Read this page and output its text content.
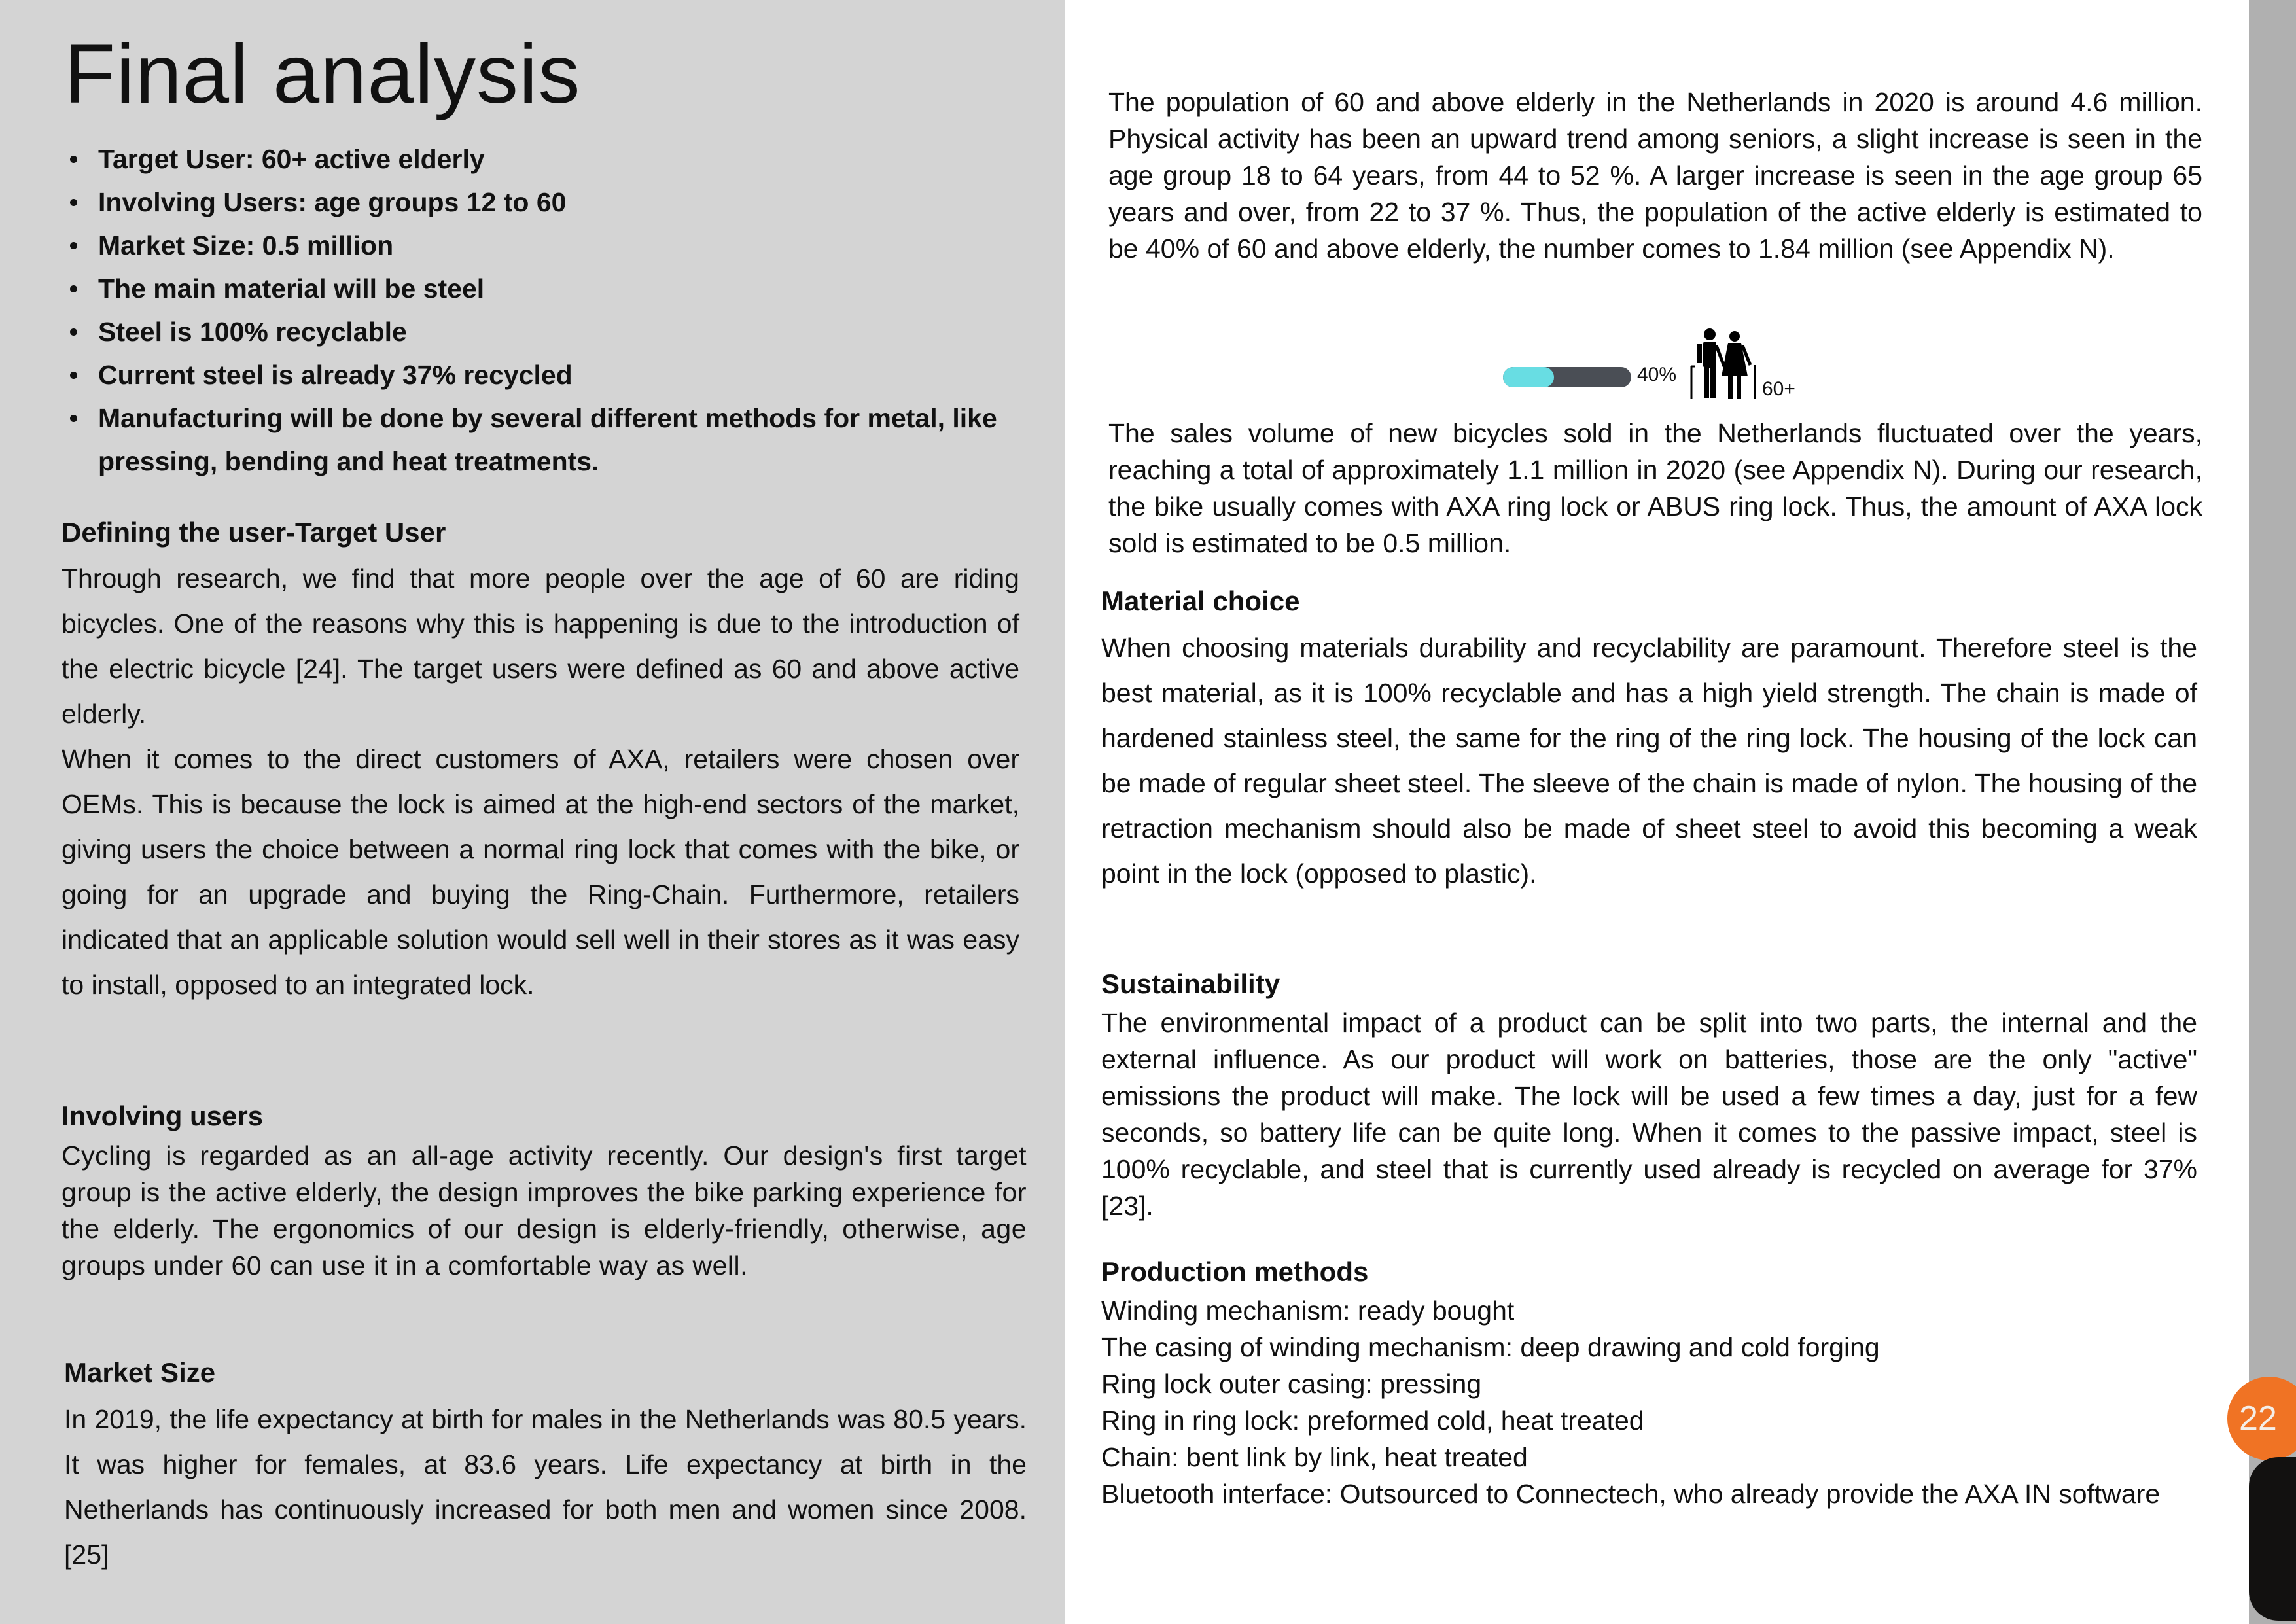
Final analysis
Target User: 60+ active elderly
Involving Users: age groups 12 to 60
Market Size: 0.5 million
The main material will be steel
Steel is 100% recyclable
Current steel is already 37% recycled
Manufacturing will be done by several different methods for metal, like pressing, bending and heat treatments.
Defining the user-Target User

Through research, we find that more people over the age of 60 are riding bicycles. One of the reasons why this is happening is due to the introduction of the electric bicycle [24]. The target users were defined as 60 and above active elderly.

When it comes to the direct customers of AXA, retailers were chosen over OEMs. This is because the lock is aimed at the high-end sectors of the market, giving users the choice between a normal ring lock that comes with the bike, or going for an upgrade and buying the Ring-Chain. Furthermore, retailers indicated that an applicable solution would sell well in their stores as it was easy to install, opposed to an integrated lock.

Involving users

Cycling is regarded as an all-age activity recently. Our design's first target group is the active elderly, the design improves the bike parking experience for the elderly. The ergonomics of our design is elderly-friendly, otherwise, age groups under 60 can use it in a comfortable way as well.

Market Size

In 2019, the life expectancy at birth for males in the Netherlands was 80.5 years. It was higher for females, at 83.6 years. Life expectancy at birth in the Netherlands has continuously increased for both men and women since 2008. [25]

The population of 60 and above elderly in the Netherlands in 2020 is around 4.6 million. Physical activity has been an upward trend among seniors, a slight increase is seen in the age group 18 to 64 years, from 44 to 52 %. A larger increase is seen in the age group 65 years and over, from 22 to 37 %. Thus, the population of the active elderly is estimated to be 40% of 60 and above elderly, the number comes to 1.84 million (see Appendix N).

40%
60+

The sales volume of new bicycles sold in the Netherlands fluctuated over the years, reaching a total of approximately 1.1 million in 2020 (see Appendix N). During our research, the bike usually comes with AXA ring lock or ABUS ring lock. Thus, the amount of AXA lock sold is estimated to be 0.5 million.

Material choice

When choosing materials durability and recyclability are paramount. Therefore steel is the best material, as it is 100% recyclable and has a high yield strength. The chain is made of hardened stainless steel, the same for the ring of the ring lock. The housing of the lock can be made of regular sheet steel. The sleeve of the chain is made of nylon. The housing of the retraction mechanism should also be made of sheet steel to avoid this becoming a weak point in the lock (opposed to plastic).

Sustainability

The environmental impact of a product can be split into two parts, the internal and the external influence. As our product will work on batteries, those are the only "active" emissions the product will make. The lock will be used a few times a day, just for a few seconds, so battery life can be quite long. When it comes to the passive impact, steel is 100% recyclable, and steel that is currently used already is recycled on average for 37% [23].

Production methods
Winding mechanism: ready bought
The casing of winding mechanism: deep drawing and cold forging
Ring lock outer casing: pressing
Ring in ring lock: preformed cold, heat treated
Chain: bent link by link, heat treated
Bluetooth interface: Outsourced to Connectech, who already provide the AXA IN software
22
